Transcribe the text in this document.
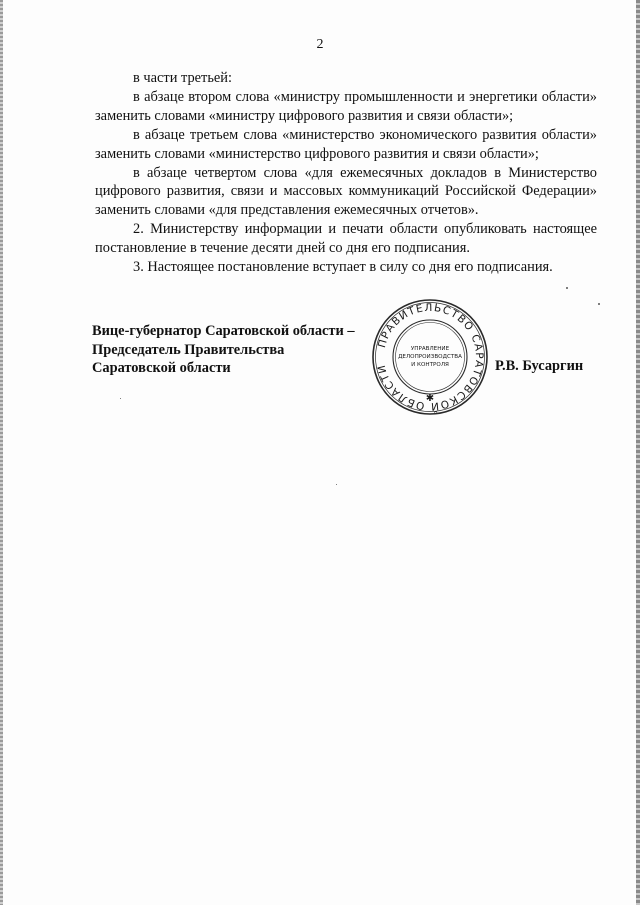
2

в части третьей:

в абзаце втором слова «министру промышленности и энергетики области» заменить словами «министру цифрового развития и связи области»;

в абзаце третьем слова «министерство экономического развития области» заменить словами «министерство цифрового развития и связи области»;

в абзаце четвертом слова «для ежемесячных докладов в Министерство цифрового развития, связи и массовых коммуникаций Российской Федерации» заменить словами «для представления ежемесячных отчетов».

2. Министерству информации и печати области опубликовать настоящее постановление в течение десяти дней со дня его подписания.

3. Настоящее постановление вступает в силу со дня его подписания.

Вице-губернатор Саратовской области –
Председатель Правительства
Саратовской области	Р.В. Бусаргин
ПРАВИТЕЛЬСТВО САРАТОВСКОЙ ОБЛАСТИ
УПРАВЛЕНИЕ
ДЕЛОПРОИЗВОДСТВА
И КОНТРОЛЯ
✱
